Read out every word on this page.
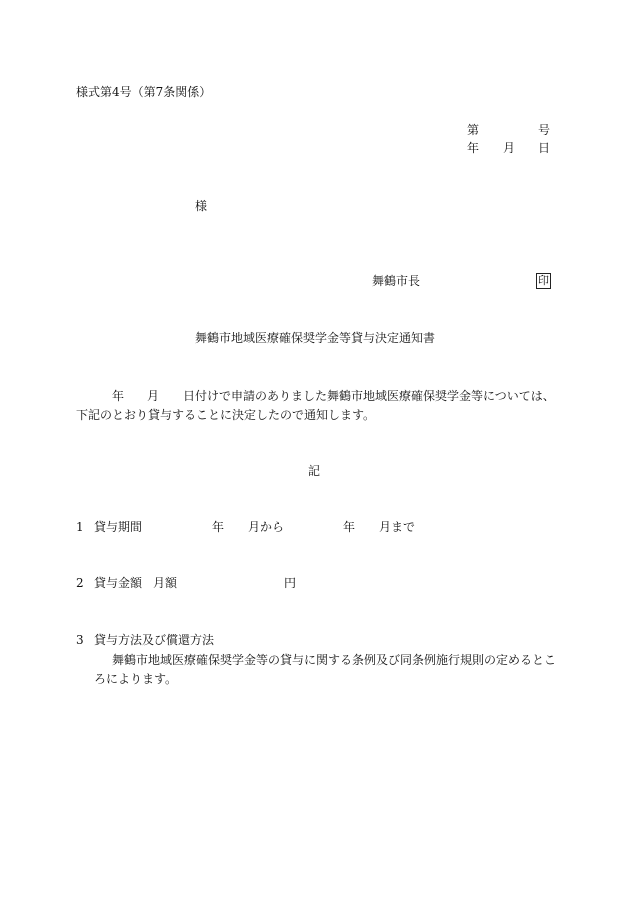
様式第4号（第7条関係）
第	号
年 月 日
様
舞鶴市長	印
舞鶴市地域医療確保奨学金等貸与決定通知書
年 月 日付けで申請のありました舞鶴市地域医療確保奨学金等については、
下記のとおり貸与することに決定したので通知します。
記
1 貸与期間	年 月から	年 月まで
2 貸与金額 月額	円
3 貸与方法及び償還方法
舞鶴市地域医療確保奨学金等の貸与に関する条例及び同条例施行規則の定めるとこ
ろによります。
